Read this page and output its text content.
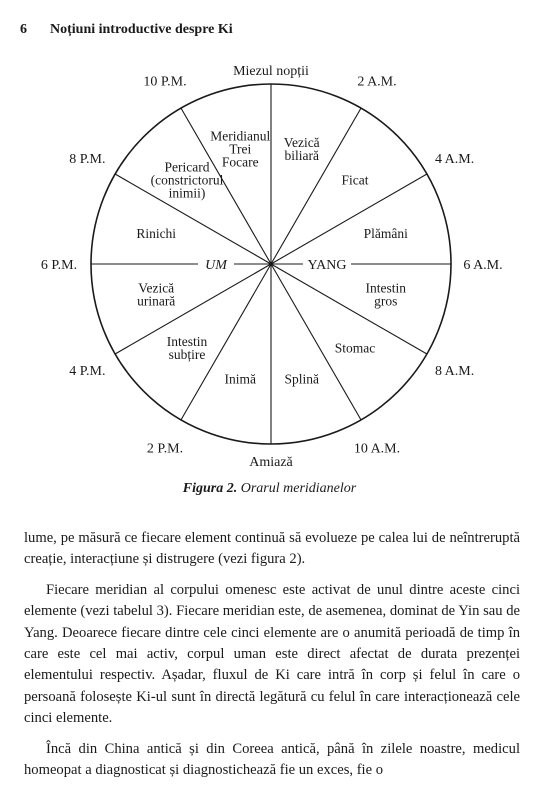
6 Noțiuni introductive despre Ki
Miezul nopții
Amiază
2 A.M.
4 A.M.
6 A.M.
8 A.M.
10 A.M.
2 P.M.
4 P.M.
6 P.M.
8 P.M.
10 P.M.
Vezică biliară
Ficat
Plămâni
Intestin gros
Stomac
Splină
Inimă
Intestin subțire
Vezică urinară
Rinichi
Pericard (constrictorul inimii)
Meridianul Trei Focare
UM	YANG
Figura 2. Orarul meridianelor

lume, pe măsură ce fiecare element continuă să evolueze pe calea lui de neîntreruptă creație, interacțiune și distrugere (vezi figura 2).

Fiecare meridian al corpului omenesc este activat de unul dintre aceste cinci elemente (vezi tabelul 3). Fiecare meridian este, de asemenea, dominat de Yin sau de Yang. Deoarece fiecare dintre cele cinci elemente are o anumită perioadă de timp în care este cel mai activ, corpul uman este direct afectat de durata prezenței elementului respectiv. Așadar, fluxul de Ki care intră în corp și felul în care o persoană folosește Ki-ul sunt în directă legătură cu felul în care interacționează cele cinci elemente.

Încă din China antică și din Coreea antică, până în zilele noastre, medicul homeopat a diagnosticat și diagnostichează fie un exces, fie o
